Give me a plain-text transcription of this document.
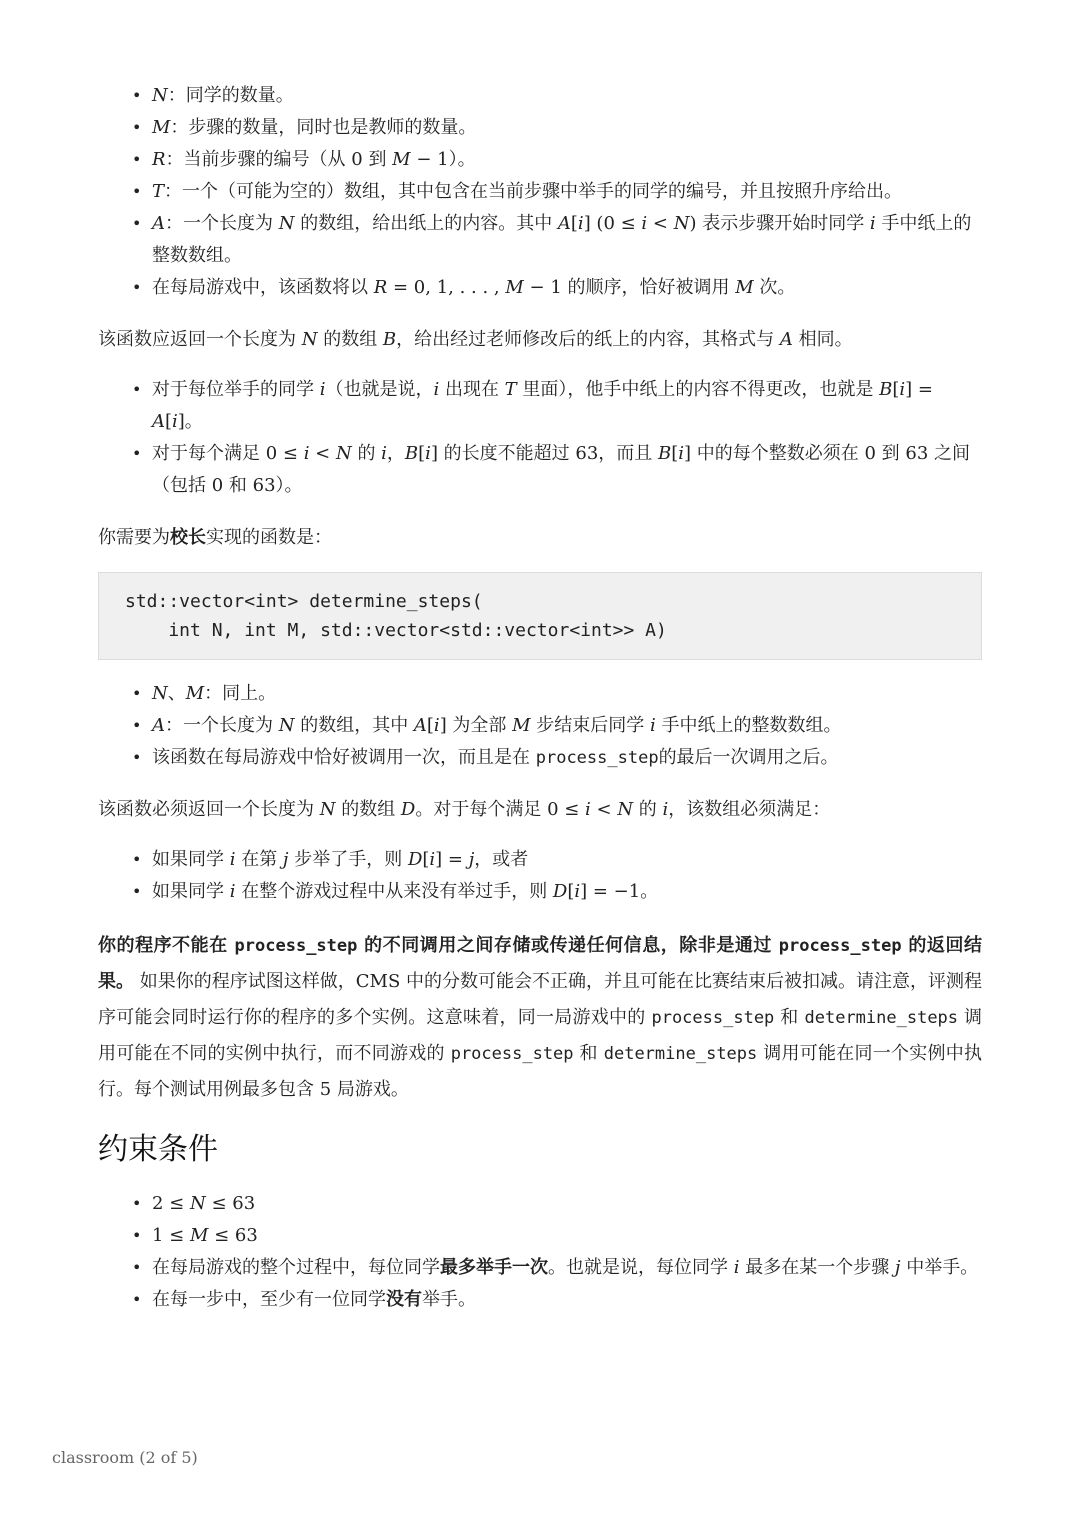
• 𝑁：同学的数量。
• 𝑀：步骤的数量，同时也是教师的数量。
• 𝑅：当前步骤的编号（从 0 到 𝑀 − 1）。
• 𝑇：一个（可能为空的）数组，其中包含在当前步骤中举手的同学的编号，并且按照升序给出。
• 𝐴：一个长度为 𝑁 的数组，给出纸上的内容。其中 𝐴[𝑖] (0 ≤ 𝑖 < 𝑁) 表示步骤开始时同学 𝑖 手中纸上的整数数组。
• 在每局游戏中，该函数将以 𝑅 = 0, 1, . . . , 𝑀 − 1 的顺序，恰好被调用 𝑀 次。

该函数应返回一个长度为 𝑁 的数组 𝐵，给出经过老师修改后的纸上的内容，其格式与 𝐴 相同。

• 对于每位举手的同学 𝑖（也就是说，𝑖 出现在 𝑇 里面），他手中纸上的内容不得更改，也就是 𝐵[𝑖] = 𝐴[𝑖]。
• 对于每个满足 0 ≤ 𝑖 < 𝑁 的 𝑖，𝐵[𝑖] 的长度不能超过 63，而且 𝐵[𝑖] 中的每个整数必须在 0 到 63 之间（包括 0 和 63）。

你需要为校长实现的函数是：

std::vector<int> determine_steps(
int N, int M, std::vector<std::vector<int>> A)
• 𝑁、𝑀：同上。
• 𝐴：一个长度为 𝑁 的数组，其中 𝐴[𝑖] 为全部 𝑀 步结束后同学 𝑖 手中纸上的整数数组。
• 该函数在每局游戏中恰好被调用一次，而且是在 process_step的最后一次调用之后。

该函数必须返回一个长度为 𝑁 的数组 𝐷。对于每个满足 0 ≤ 𝑖 < 𝑁 的 𝑖，该数组必须满足：

• 如果同学 𝑖 在第 𝑗 步举了手，则 𝐷[𝑖] = 𝑗，或者
• 如果同学 𝑖 在整个游戏过程中从来没有举过手，则 𝐷[𝑖] = −1。

你的程序不能在 process_step 的不同调用之间存储或传递任何信息，除非是通过 process_step 的返回结果。 如果你的程序试图这样做，CMS 中的分数可能会不正确，并且可能在比赛结束后被扣减。请注意，评测程序可能会同时运行你的程序的多个实例。这意味着，同一局游戏中的 process_step 和 determine_steps 调用可能在不同的实例中执行，而不同游戏的 process_step 和 determine_steps 调用可能在同一个实例中执行。每个测试用例最多包含 5 局游戏。

约束条件
• 2 ≤ 𝑁 ≤ 63
• 1 ≤ 𝑀 ≤ 63
• 在每局游戏的整个过程中，每位同学最多举手一次。也就是说，每位同学 𝑖 最多在某一个步骤 𝑗 中举手。
• 在每一步中，至少有一位同学没有举手。
classroom (2 of 5)
